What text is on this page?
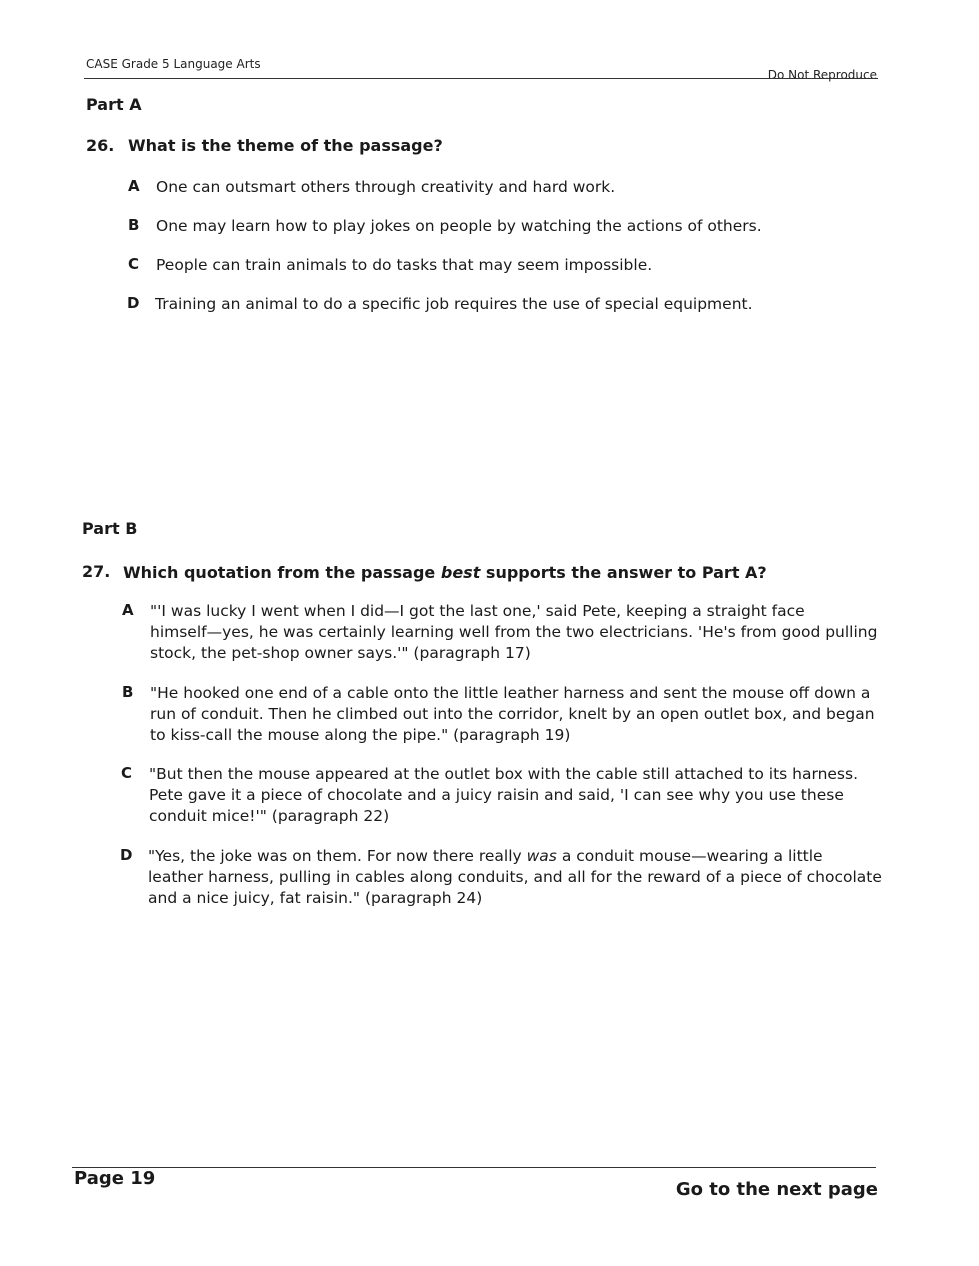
CASE Grade 5 Language Arts
Do Not Reproduce
Part A
26. What is the theme of the passage?
A One can outsmart others through creativity and hard work.
B One may learn how to play jokes on people by watching the actions of others.
C People can train animals to do tasks that may seem impossible.
D Training an animal to do a specific job requires the use of special equipment.
Part B
27. Which quotation from the passage best supports the answer to Part A?
A "'I was lucky I went when I did—I got the last one,' said Pete, keeping a straight face
himself—yes, he was certainly learning well from the two electricians. 'He's from good pulling
stock, the pet-shop owner says.'" (paragraph 17)
B "He hooked one end of a cable onto the little leather harness and sent the mouse off down a
run of conduit. Then he climbed out into the corridor, knelt by an open outlet box, and began
to kiss-call the mouse along the pipe." (paragraph 19)
C "But then the mouse appeared at the outlet box with the cable still attached to its harness.
Pete gave it a piece of chocolate and a juicy raisin and said, 'I can see why you use these
conduit mice!'" (paragraph 22)
D "Yes, the joke was on them. For now there really was a conduit mouse—wearing a little
leather harness, pulling in cables along conduits, and all for the reward of a piece of chocolate
and a nice juicy, fat raisin." (paragraph 24)
Page 19
Go to the next page
